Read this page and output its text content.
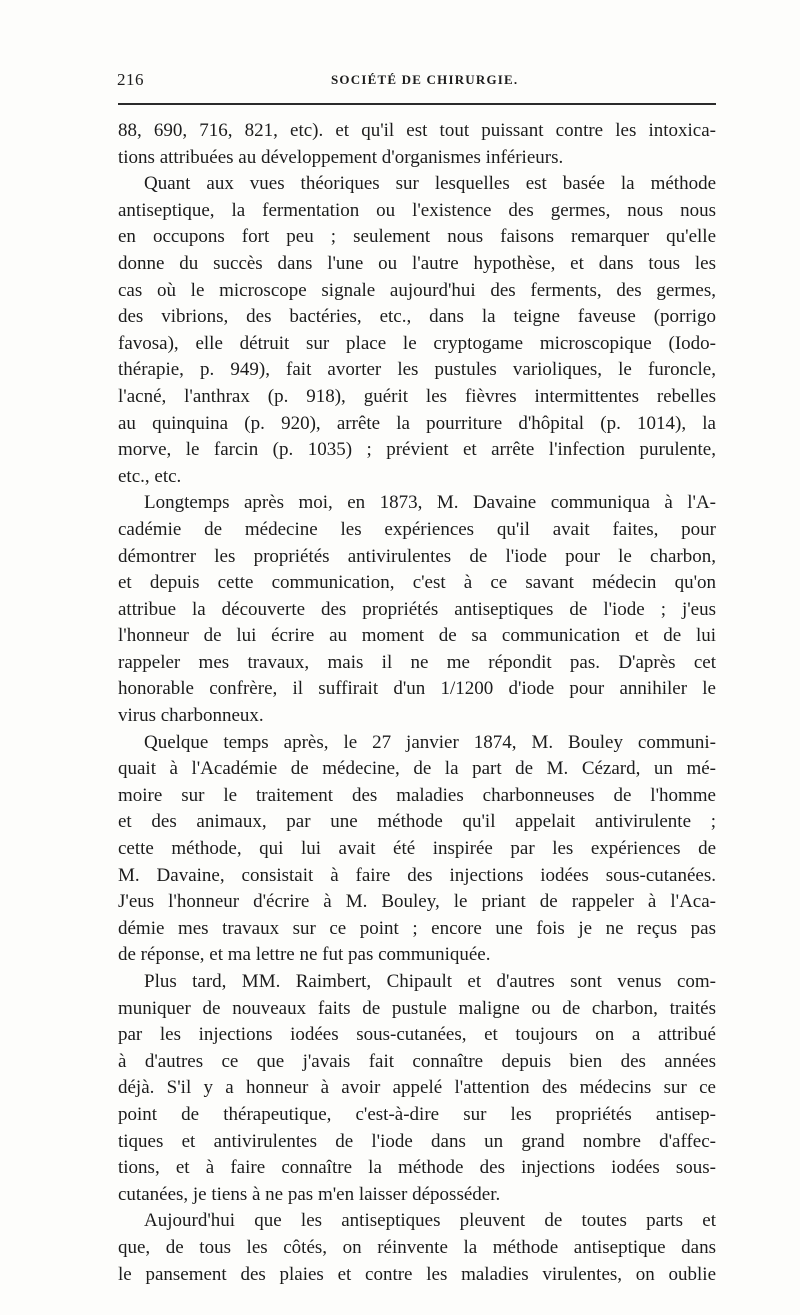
216	SOCIÉTÉ DE CHIRURGIE.
88, 690, 716, 821, etc). et qu'il est tout puissant contre les intoxica-
tions attribuées au développement d'organismes inférieurs.
Quant aux vues théoriques sur lesquelles est basée la méthode
antiseptique, la fermentation ou l'existence des germes, nous nous
en occupons fort peu ; seulement nous faisons remarquer qu'elle
donne du succès dans l'une ou l'autre hypothèse, et dans tous les
cas où le microscope signale aujourd'hui des ferments, des germes,
des vibrions, des bactéries, etc., dans la teigne faveuse (porrigo
favosa), elle détruit sur place le cryptogame microscopique (Iodo-
thérapie, p. 949), fait avorter les pustules varioliques, le furoncle,
l'acné, l'anthrax (p. 918), guérit les fièvres intermittentes rebelles
au quinquina (p. 920), arrête la pourriture d'hôpital (p. 1014), la
morve, le farcin (p. 1035) ; prévient et arrête l'infection purulente,
etc., etc.
Longtemps après moi, en 1873, M. Davaine communiqua à l'A-
cadémie de médecine les expériences qu'il avait faites, pour
démontrer les propriétés antivirulentes de l'iode pour le charbon,
et depuis cette communication, c'est à ce savant médecin qu'on
attribue la découverte des propriétés antiseptiques de l'iode ; j'eus
l'honneur de lui écrire au moment de sa communication et de lui
rappeler mes travaux, mais il ne me répondit pas. D'après cet
honorable confrère, il suffirait d'un 1/1200 d'iode pour annihiler le
virus charbonneux.
Quelque temps après, le 27 janvier 1874, M. Bouley communi-
quait à l'Académie de médecine, de la part de M. Cézard, un mé-
moire sur le traitement des maladies charbonneuses de l'homme
et des animaux, par une méthode qu'il appelait antivirulente ;
cette méthode, qui lui avait été inspirée par les expériences de
M. Davaine, consistait à faire des injections iodées sous-cutanées.
J'eus l'honneur d'écrire à M. Bouley, le priant de rappeler à l'Aca-
démie mes travaux sur ce point ; encore une fois je ne reçus pas
de réponse, et ma lettre ne fut pas communiquée.
Plus tard, MM. Raimbert, Chipault et d'autres sont venus com-
muniquer de nouveaux faits de pustule maligne ou de charbon, traités
par les injections iodées sous-cutanées, et toujours on a attribué
à d'autres ce que j'avais fait connaître depuis bien des années
déjà. S'il y a honneur à avoir appelé l'attention des médecins sur ce
point de thérapeutique, c'est-à-dire sur les propriétés antisep-
tiques et antivirulentes de l'iode dans un grand nombre d'affec-
tions, et à faire connaître la méthode des injections iodées sous-
cutanées, je tiens à ne pas m'en laisser déposséder.
Aujourd'hui que les antiseptiques pleuvent de toutes parts et
que, de tous les côtés, on réinvente la méthode antiseptique dans
le pansement des plaies et contre les maladies virulentes, on oublie
